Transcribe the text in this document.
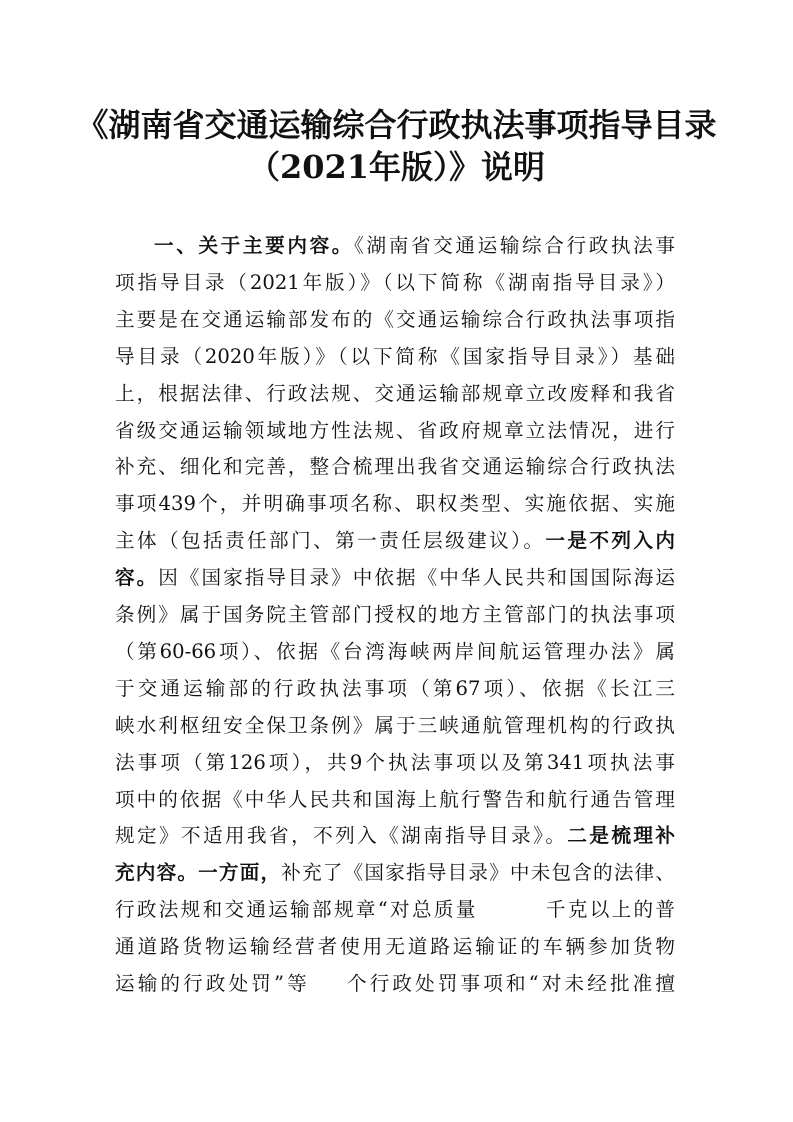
《湖南省交通运输综合行政执法事项指导目录
（2021年版）》说明
一、关于主要内容。《湖南省交通运输综合行政执法事
项指导目录（2021年版）》（以下简称《湖南指导目录》）
主要是在交通运输部发布的《交通运输综合行政执法事项指
导目录（2020年版）》（以下简称《国家指导目录》）基础
上，根据法律、行政法规、交通运输部规章立改废释和我省
省级交通运输领域地方性法规、省政府规章立法情况，进行
补充、细化和完善，整合梳理出我省交通运输综合行政执法
事项439个，并明确事项名称、职权类型、实施依据、实施
主体（包括责任部门、第一责任层级建议）。一是不列入内
容。因《国家指导目录》中依据《中华人民共和国国际海运
条例》属于国务院主管部门授权的地方主管部门的执法事项
（第60-66项）、依据《台湾海峡两岸间航运管理办法》属
于交通运输部的行政执法事项（第67项）、依据《长江三
峡水利枢纽安全保卫条例》属于三峡通航管理机构的行政执
法事项（第126项），共9个执法事项以及第341项执法事
项中的依据《中华人民共和国海上航行警告和航行通告管理
规定》不适用我省，不列入《湖南指导目录》。二是梳理补
充内容。一方面，补充了《国家指导目录》中未包含的法律、
行政法规和交通运输部规章“对总质量	千克以上的普
通道路货物运输经营者使用无道路运输证的车辆参加货物
运输的行政处罚”等 个行政处罚事项和“对未经批准擅
